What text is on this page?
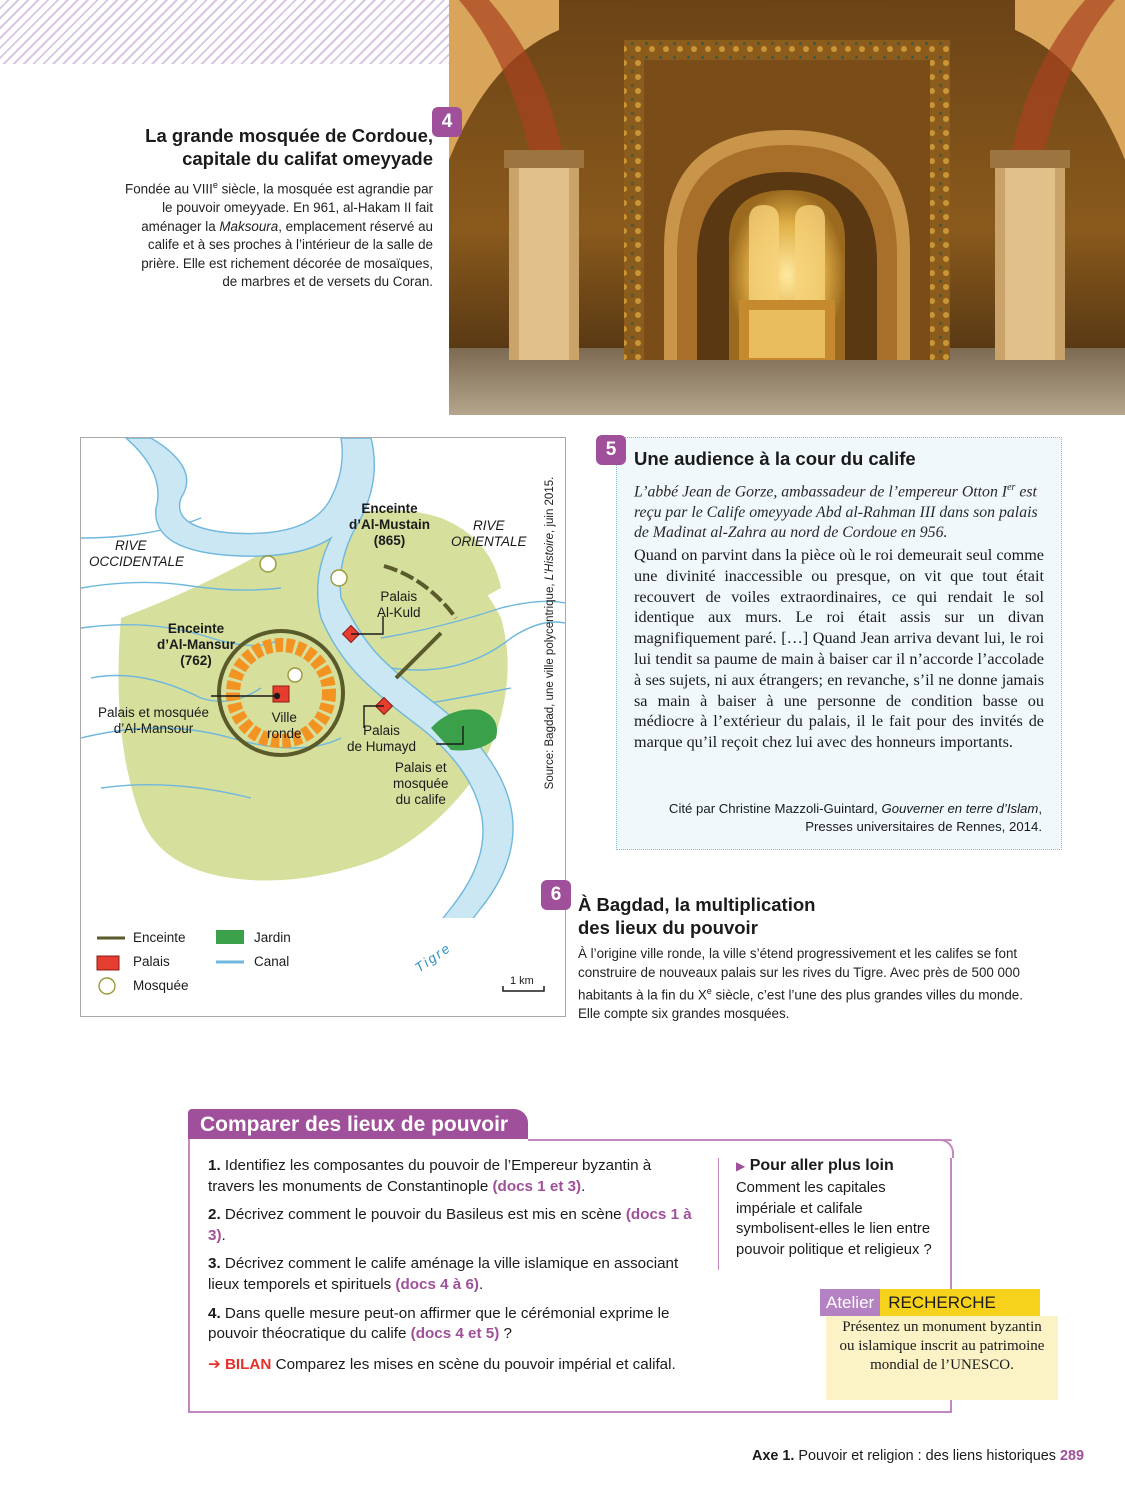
4
La grande mosquée de Cordoue,
capitale du califat omeyyade
Fondée au VIIIe siècle, la mosquée est agrandie par le pouvoir omeyyade. En 961, al-Hakam II fait aménager la Maksoura, emplacement réservé au calife et à ses proches à l’intérieur de la salle de prière. Elle est richement décorée de mosaïques, de marbres et de versets du Coran.
RIVE
OCCIDENTALE
RIVE
ORIENTALE
Enceinte
d’Al-Mustain
(865)
Palais
Al-Kuld
Enceinte
d’Al-Mansur
(762)
Palais et mosquée
d’Al-Mansour
Ville
ronde	Palais
de Humayd
Palais et
mosquée
du calife
Tigre
1 km
Source: Bagdad, une ville polycentrique, L’Histoire, juin 2015.
Enceinte
Palais
Mosquée
Jardin
Canal
5 Une audience à la cour du calife
L’abbé Jean de Gorze, ambassadeur de l’empereur Otton Ier est reçu par le Calife omeyyade Abd al-Rahman III dans son palais de Madinat al-Zahra au nord de Cordoue en 956.
Quand on parvint dans la pièce où le roi demeurait seul comme une divinité inaccessible ou presque, on vit que tout était recouvert de voiles extraordinaires, ce qui rendait le sol identique aux murs. Le roi était assis sur un divan magnifiquement paré. […] Quand Jean arriva devant lui, le roi lui tendit sa paume de main à baiser car il n’accorde l’accolade à ses sujets, ni aux étrangers; en revanche, s’il ne donne jamais sa main à baiser à une personne de condition basse ou médiocre à l’extérieur du palais, il le fait pour des invités de marque qu’il reçoit chez lui avec des honneurs importants.
Cité par Christine Mazzoli-Guintard, Gouverner en terre d’Islam, Presses universitaires de Rennes, 2014.
6 À Bagdad, la multiplication
des lieux du pouvoir
À l’origine ville ronde, la ville s’étend progressivement et les califes se font construire de nouveaux palais sur les rives du Tigre. Avec près de 500 000 habitants à la fin du Xe siècle, c’est l’une des plus grandes villes du monde. Elle compte six grandes mosquées.
Comparer des lieux de pouvoir

1. Identifiez les composantes du pouvoir de l’Empereur byzantin à travers les monuments de Constantinople (docs 1 et 3).

2. Décrivez comment le pouvoir du Basileus est mis en scène (docs 1 à 3).

3. Décrivez comment le calife aménage la ville islamique en associant lieux temporels et spirituels (docs 4 à 6).

4. Dans quelle mesure peut-on affirmer que le cérémonial exprime le pouvoir théocratique du calife (docs 4 et 5) ?

➔ BILAN Comparez les mises en scène du pouvoir impérial et califal.

▶ Pour aller plus loin
Comment les capitales impériale et califale symbolisent-elles le lien entre pouvoir politique et religieux ?
Atelier RECHERCHE
Présentez un monument byzantin ou islamique inscrit au patrimoine mondial de l’UNESCO.
Axe 1. Pouvoir et religion : des liens historiques 289
